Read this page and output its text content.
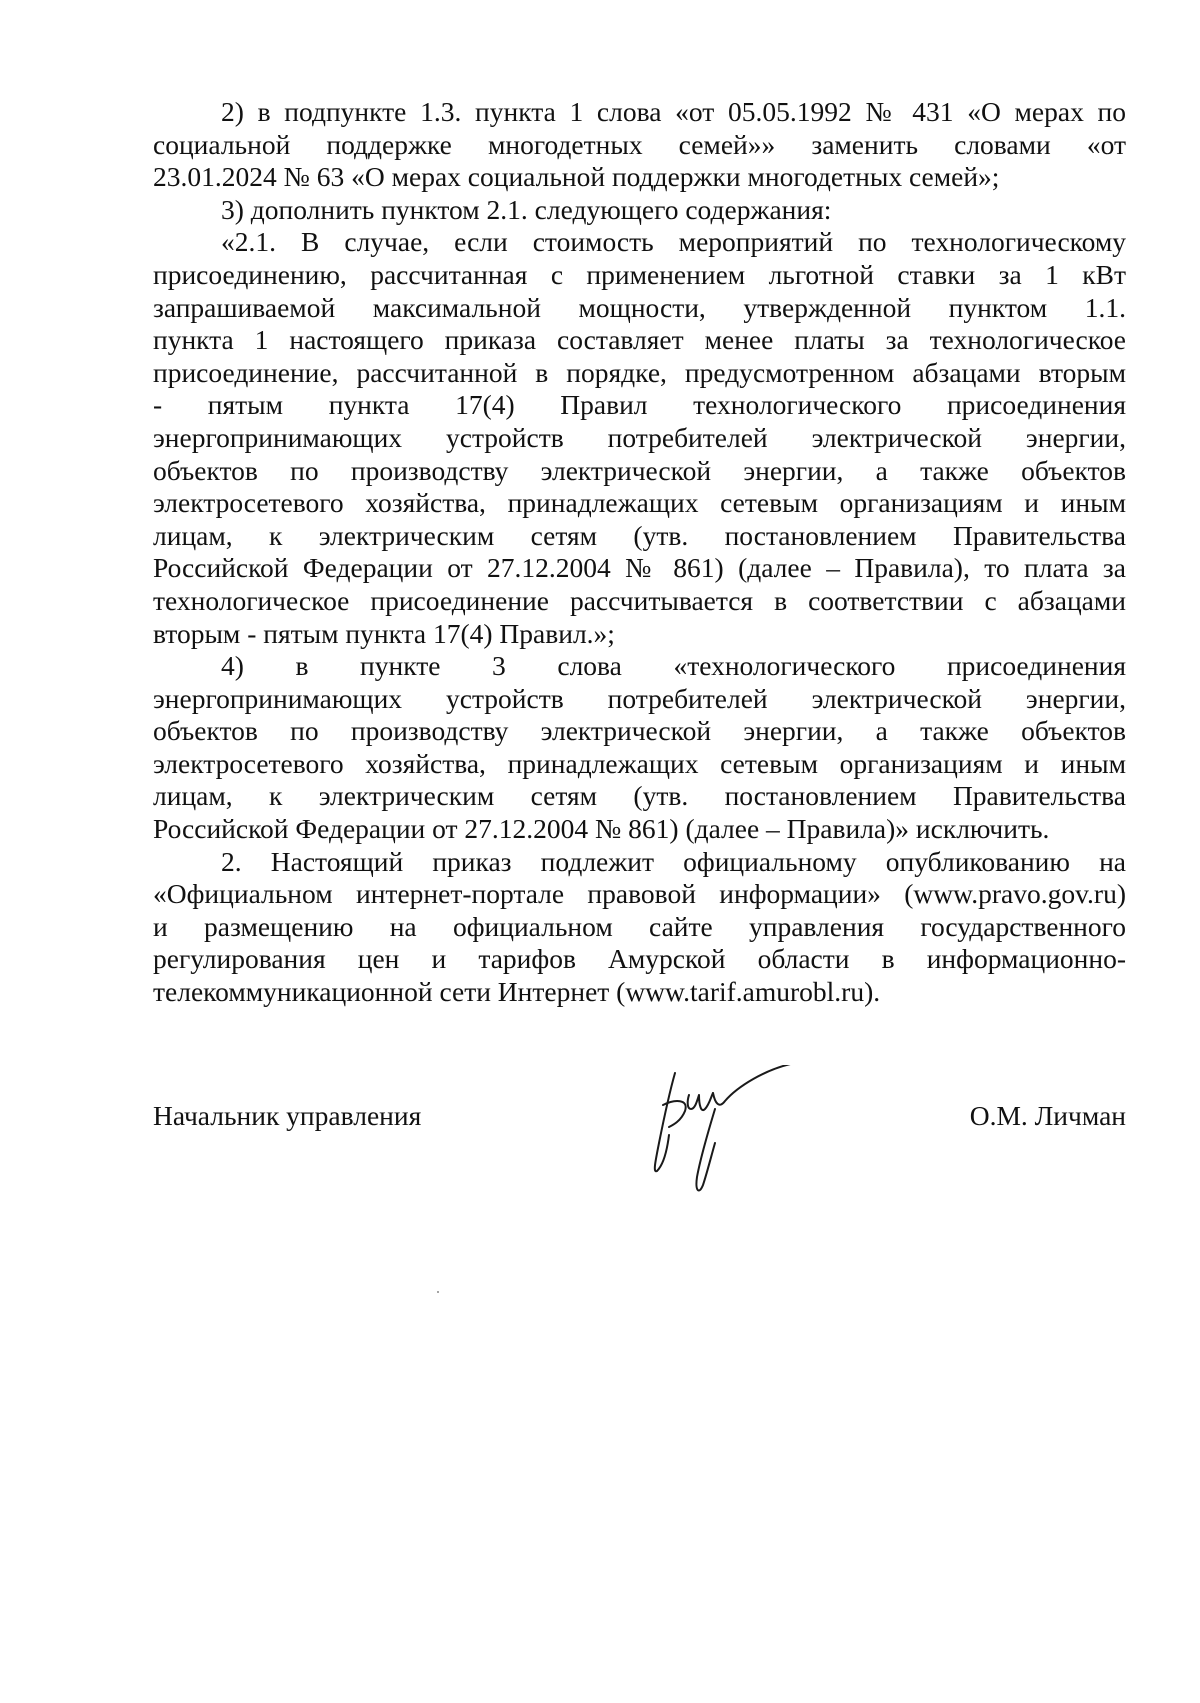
2) в подпункте 1.3. пункта 1 слова «от 05.05.1992 № 431 «О мерах по
социальной поддержке многодетных семей»» заменить словами «от
23.01.2024 № 63 «О мерах социальной поддержки многодетных семей»;
3) дополнить пунктом 2.1. следующего содержания:
«2.1. В случае, если стоимость мероприятий по технологическому
присоединению, рассчитанная с применением льготной ставки за 1 кВт
запрашиваемой максимальной мощности, утвержденной пунктом 1.1.
пункта 1 настоящего приказа составляет менее платы за технологическое
присоединение, рассчитанной в порядке, предусмотренном абзацами вторым
- пятым пункта 17(4) Правил технологического присоединения
энергопринимающих устройств потребителей электрической энергии,
объектов по производству электрической энергии, а также объектов
электросетевого хозяйства, принадлежащих сетевым организациям и иным
лицам, к электрическим сетям (утв. постановлением Правительства
Российской Федерации от 27.12.2004 № 861) (далее – Правила), то плата за
технологическое присоединение рассчитывается в соответствии с абзацами
вторым - пятым пункта 17(4) Правил.»;
4) в пункте 3 слова «технологического присоединения
энергопринимающих устройств потребителей электрической энергии,
объектов по производству электрической энергии, а также объектов
электросетевого хозяйства, принадлежащих сетевым организациям и иным
лицам, к электрическим сетям (утв. постановлением Правительства
Российской Федерации от 27.12.2004 № 861) (далее – Правила)» исключить.
2. Настоящий приказ подлежит официальному опубликованию на
«Официальном интернет-портале правовой информации» (www.pravo.gov.ru)
и размещению на официальном сайте управления государственного
регулирования цен и тарифов Амурской области в информационно-
телекоммуникационной сети Интернет (www.tarif.amurobl.ru).
Начальник управления	О.М. Личман
